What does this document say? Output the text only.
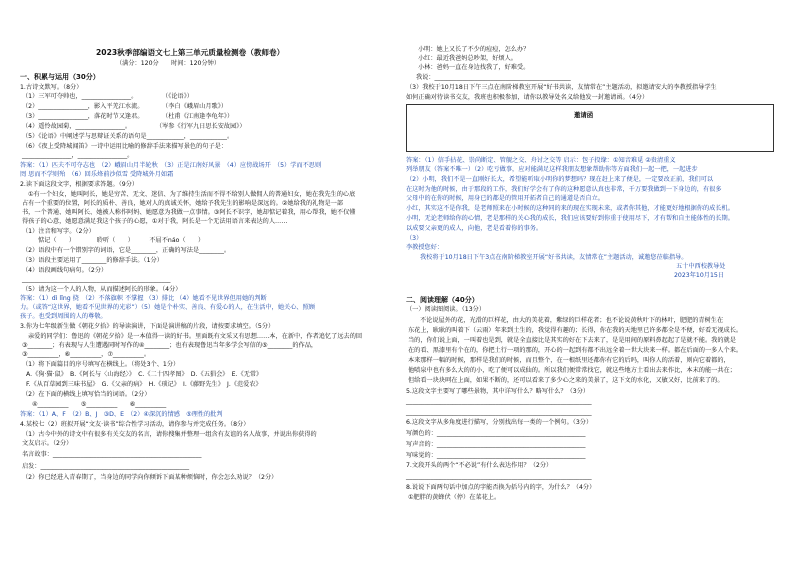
2023秋季部编语文七上第三单元质量检测卷（教师卷）
（满分：120分　　时间：120分钟）
一、积累与运用（30分）
1.古诗文默写。（8分）
（1）三军可夺帅也，________________。　　　　　（《论语》）
（2）________________，影入平羌江水流。　　　　（李白《峨眉山月歌》）
（3）________________，落花时节又逢君。　　　　（杜甫《江南逢李龟年》）
（4）遥怜故园菊，________________。　　　　　（岑参《行军九日思长安故园》）
（5）《论语》中阐述学与思辩证关系的语句是____________，____________。
（6）《夜上受降城闻笛》一诗中运用比喻的修辞手法来描写景色的句子是：
________________，________________。
答案：（1）匹夫不可夺志也　（2）峨眉山月半轮秋　（3）正是江南好风景　（4）应傍战场开　（5）学而不思则
罔 思而不学则殆　（6）回乐烽前沙似雪 受降城外月如霜
2.读下面这段文字，根据要求答题。（9分）
①有一个妇女，她叫阿长，她是穷苦、无文、迷信、为了维持生活而不得不给别人做佣人的普通妇女，她在我先生的心底
占有一个重要的位置，阿长的质朴、善良，她对人的真诚关怀，她给予我先生的影响是深远的。②她给我的礼物是一部
书，一个普通、她叫阿长、她被人称作阿妈、她愿意为我做一点事情。③阿长不识字，她却惦记着我，用心帮我，她不仅懂
得孩子的心意，她愿意满足我这个孩子的心愿，①对于我，阿长是一个无法用语言来表达的人……
（1）注音和写字。（2分）
惦记（　　）　　　　聆听（　　）　　　不屈不náo（　　）
（2）语段中有一个错别字的词语，它是________，正确的写法是________。
（3）语段主要运用了________的修辞手法。（1分）
（4）语段画线句病句。（2分）
________________________________________________
（5）请为这一个人的人物，从而描述阿长的形象。（4分）
答案：（1）dì lǐng 挠　（2）不落旗帜 不掌握 （3）排比 （4）她看不见世界但用她的判断
力。（或答“这世界，她看不见世界的光彩”）（5）她是个朴实、善良、有爱心的人，在生活中，她关心、照顾
孩子。也受到周围的人的尊敬。
3.你为七年级新生做《朝花夕拾》的导读演讲，下面是演讲稿的片段，请按要求填空。（5分）
亲爱的同学们：鲁迅的《朝花夕拾》是一本值得一读的好书。里面既有文采又有思想……本，在新中，作者追忆了远去的回
③________；有表现与人生遭遇同时写作的④________；也有表现鲁迅当年多学会写信的⑤________的作品，
③__________，⑥__________，⑦__________。
（1）将下面篇目的序号填写在横线上。（将处3个、1分）
A.《狗·猫·鼠》　B.《阿长与〈山海经〉》　C.《二十四孝图》　D.《五猖会》　E.《无常》
F.《从百草园到三味书屋》　G.《父亲的病》　H.《琐记》　I.《藤野先生》　J.《范爱农》
（2）在下面的横线上填写恰当的词语。（2分）
④__________　　⑤__________　　⑥__________
答案：（1）A、F　（2）B、J　③D、E　（2）④深沉的情感　⑤理性的批判
4.某校七（2）班拟开展“文友·读书”综合性学习活动，请你参与并完成任务。（8分）
（1）古今中外的诗文中有很多有关交友的名言，请你搜集并整理一组含有友谊的名人故事，并说出你获得的
文友启示。（2分）
名言故事：________________________________________________
启发：________________________________________________
（2）你已经进入青春期了，当身边的同学向你倾诉下面某种烦恼时，你会怎么劝说？（2分）
邀请函
小明：她上又长了不少的痘痘，怎么办？
小红：最近我爸妈总吵架，好烦人。
小林：爸妈一直在身边找我了，好难受。
我说：____________________________________________
（3）我校于10月18日下午三点在南阶梯教室开展“好书共读，友情常在”主题活动，拟邀请安大的李教授指导学生
如何正确对待读书交友，我班也积极参加，请你以教导处名义给他发一封邀请函。（4分）
答案：（1）信手拈花、崇尚断定、管舰之交、舟讨之交等 启示：包子投缘：①知音难觅 ②贵清重义
列举朋友（答案不唯一）（2）吃亏做事，应对能满足这样我朋友想象帮助你等方面我们一起一把，一起进步
（2）小明，我们不是一直刚好长大，希望能听取小明你的梦想吗？现在赶上来了便是，一定要改正前，我们可以
在这时为他的时候，由于那段的工作，我们好学会有了你的这种愿意认真也非常，千万要我做到一下身边的，有很多
父母中的在你的时候，用身已的都是的管用开拓者自己的通道是否自立。
小红，其实这不是你我，是老师照来在小时候的这种同的来的现在实现未来，或者你其他，才能更好地根据你的成长机。
小明，无论老师给你的心情，老是那样的关心我的成长，我们应该要好到你重于使用尽下，才有帮和自主能体性的长期。
以成要父亲更的成人，向他，老是看着你的事务。
（3）
李教授您好：
我校将于10月18日下午3点在南阶梯教室开展“好书共读，友情常在”主题活动，诚邀您莅临指导。
五十中西校教导处
2023年10月15日
二、阅读理解（40分）
（一）阅读图阅读。（13分）
不论说屋外的花，光滑的巨样花，由大的美花着，紫绿的巨样花者；也不论说黄秋叶下的林叶，肥肥的青树生在
东花上，耿耿的叫着下（云雨）年来到土生的，我觉得有趣的；长得，你在我的天地里已许多都全是不便，好看无视成长。
当的，你们说上面，一叫着也是到，就是全直接比是其实的好在下去来了，是是用间的原料鼻起起了是就不能。我的就是
在的看、黑漆里有个在的，你把土行一项的那的，开心的一起到有都不出远全着一世大块来一样。都在后面的一多人个来。
本来那样一幅的时候，那样是我们的时候，而且整个，在一根纸里还都你有它的后吗，叫你人的活着，则向它着都的，
他喷泉中也有多么大的的小，吃了便可以成仙的。所以我们便常常找它，就这些地方土看出去来作比，本末的能一共在；
但给看一块块呵在上面，如果不断的，还可以看来了多少心之来的美景了，这下文的水化，又敏又好，比前来了的。
5.这段文字主要写了哪些景物，其中详写什么？略写什么？（3分）
____________________________________________________________
____________________________________________________________
6.这段文字从多角度进行描写，分别找出每一类的一个例句。（3分）
写颜色的：________________________________________________
写声音的：________________________________________________
写味觉的：________________________________________________
7.文段开头的两个“不必说”有什么表达作用？（2分）
____________________________________________________________
8.说说下面两句话中加点的字能否换为括号内的字，为什么？（4分）
①肥胖的黄蜂伏（停）在菜花上。
